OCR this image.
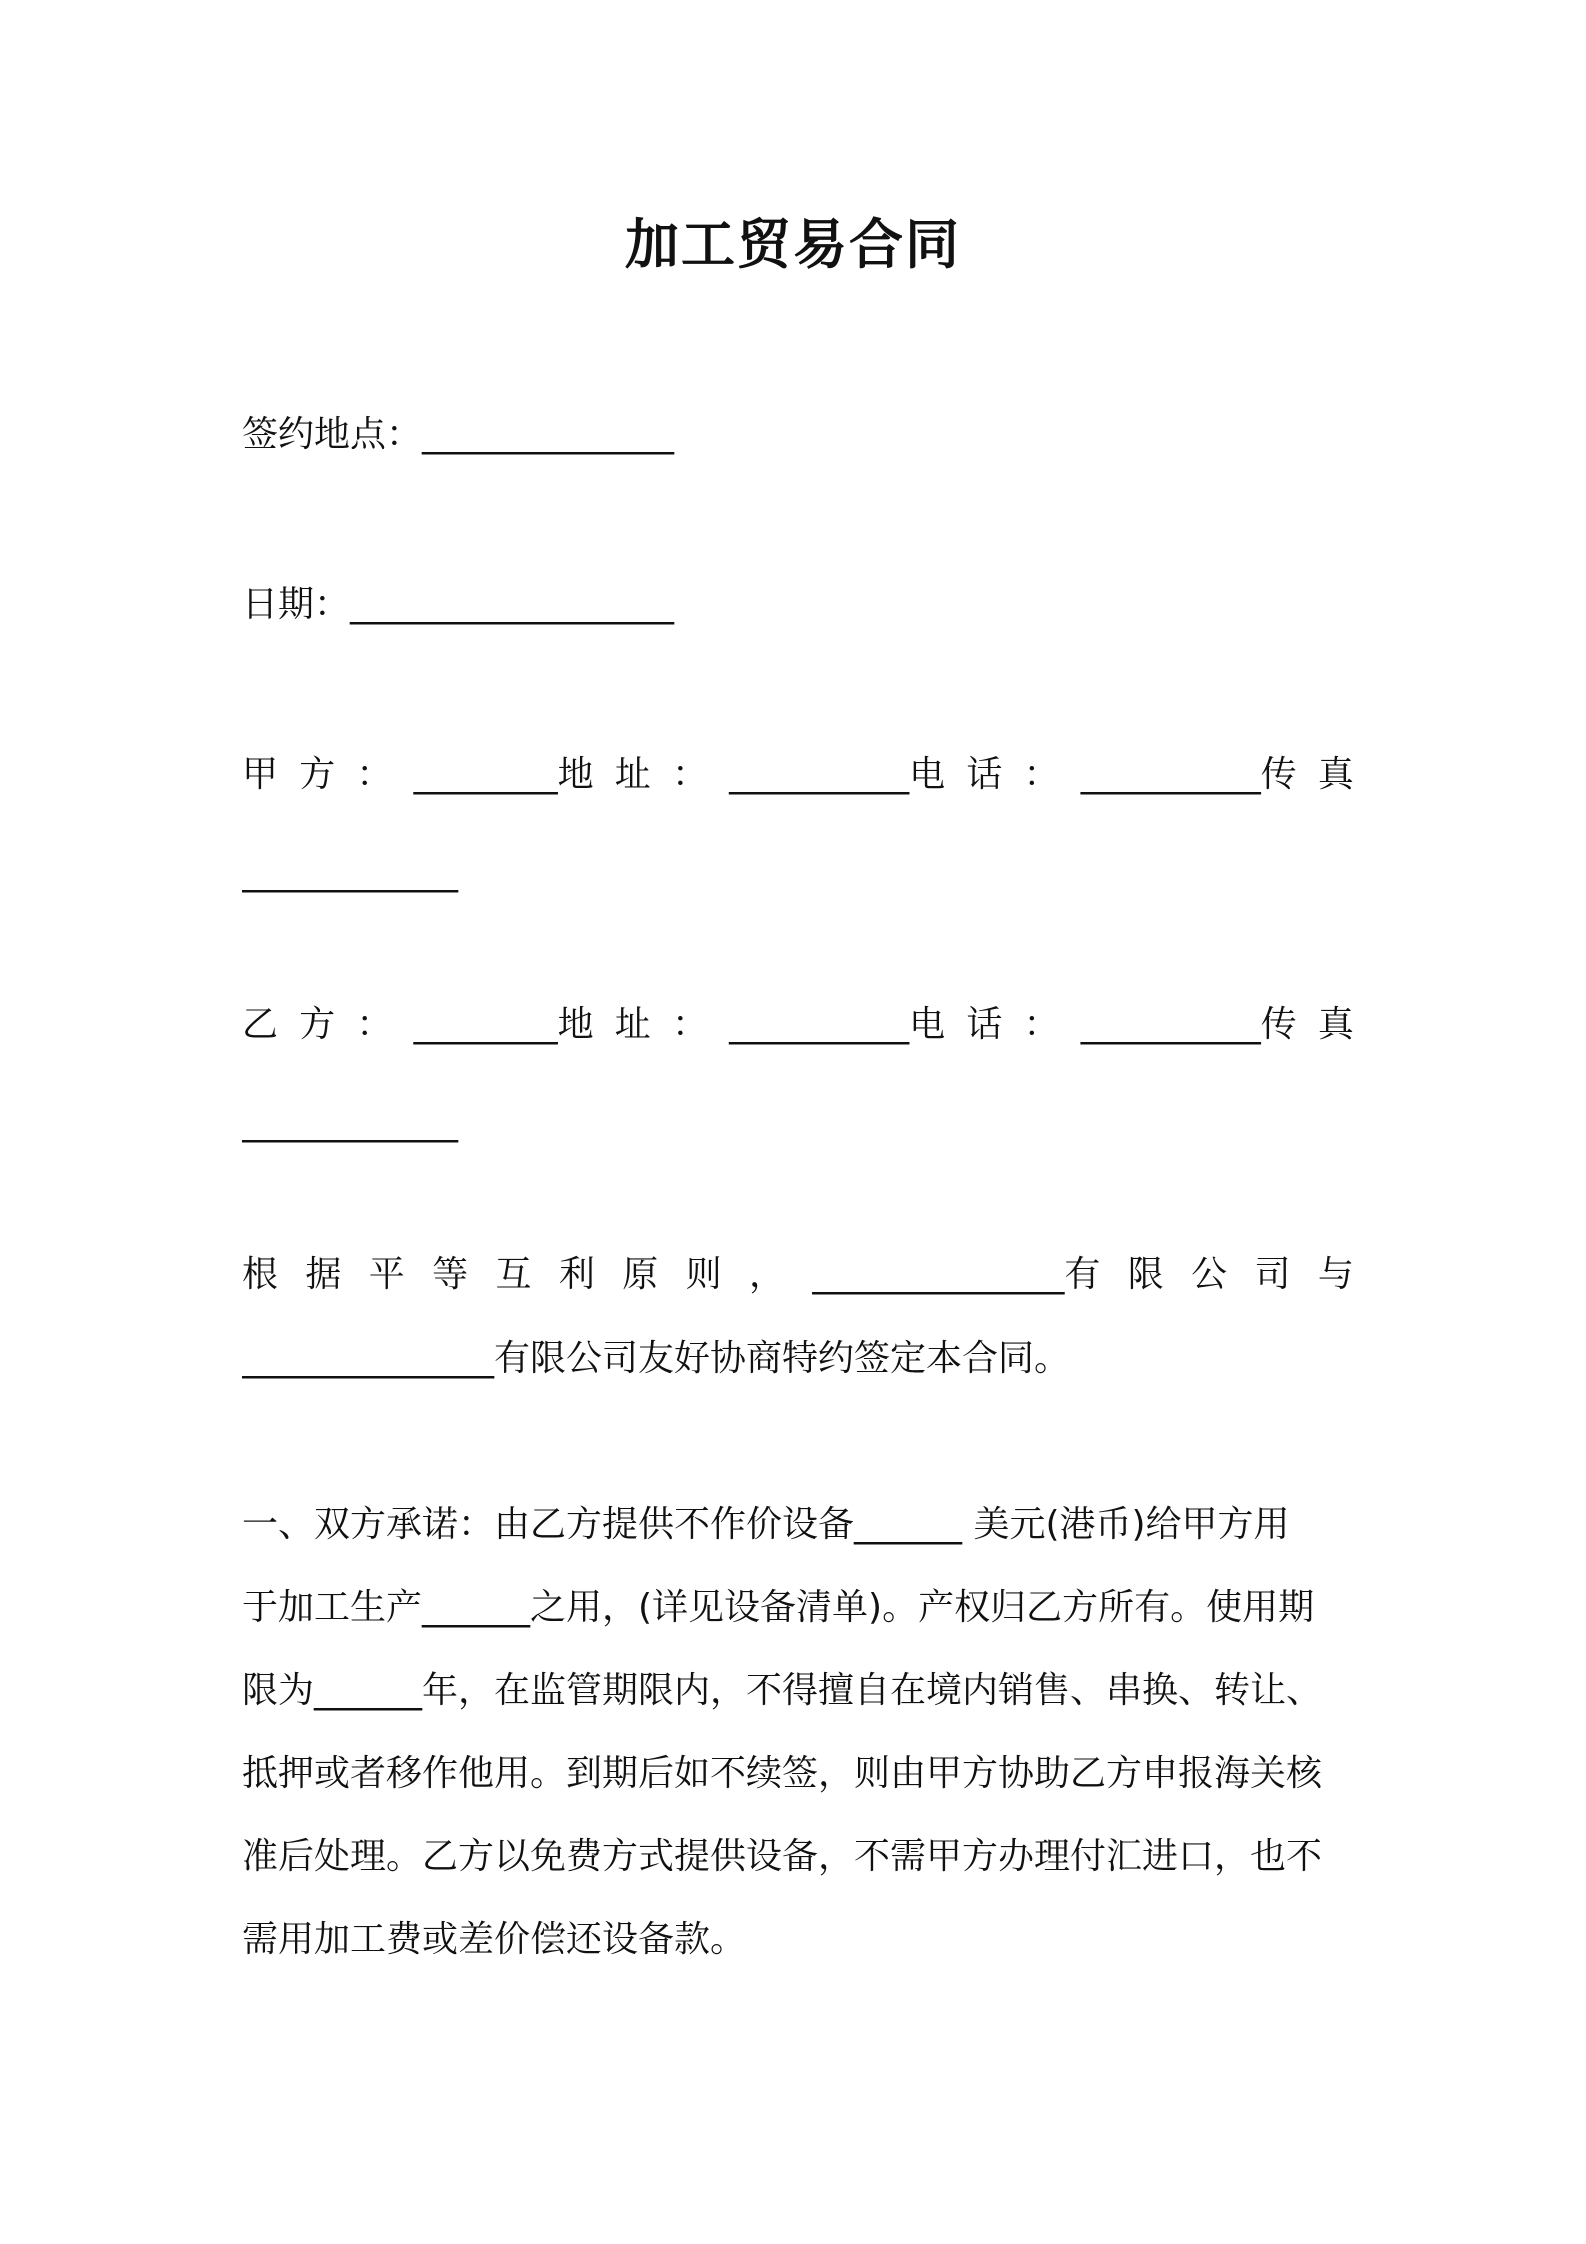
加工贸易合同
签约地点：______________
日期：__________________
甲 方 ： ________地 址 ： __________电 话 ： __________传 真
____________
乙 方 ： ________地 址 ： __________电 话 ： __________传 真
____________
根 据 平 等 互 利 原 则 ， ______________有 限 公 司 与
______________有限公司友好协商特约签定本合同。
一、双方承诺：由乙方提供不作价设备______ 美元(港币)给甲方用
于加工生产______之用，(详见设备清单)。产权归乙方所有。使用期
限为______年，在监管期限内，不得擅自在境内销售、串换、转让、
抵押或者移作他用。到期后如不续签，则由甲方协助乙方申报海关核
准后处理。乙方以免费方式提供设备，不需甲方办理付汇进口，也不
需用加工费或差价偿还设备款。
